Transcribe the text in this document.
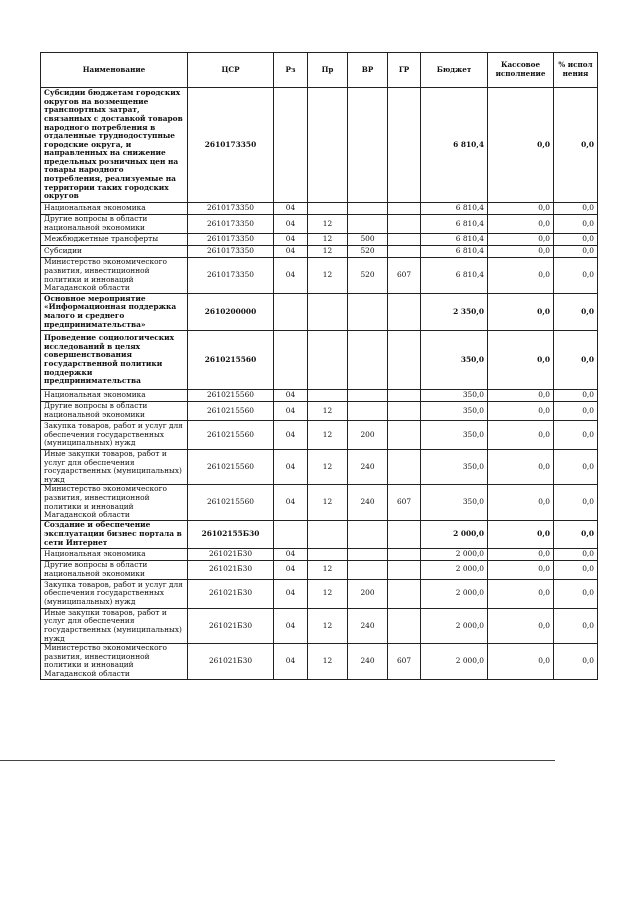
Наименование	ЦСР	Рз	Пр	ВР	ГР	Бюджет	Кассовое исполнение	% испол нения
Субсидии бюджетам городских округов на возмещение транспортных затрат, связанных с доставкой товаров народного потребления в отдаленные труднодоступные городские округа, и направленных на снижение предельных розничных цен на товары народного потребления, реализуемые на территории таких городских округов	2610173350					6 810,4	0,0	0,0
Национальная экономика	2610173350	04				6 810,4	0,0	0,0
Другие вопросы в области национальной экономики	2610173350	04	12			6 810,4	0,0	0,0
Межбюджетные трансферты	2610173350	04	12	500		6 810,4	0,0	0,0
Субсидии	2610173350	04	12	520		6 810,4	0,0	0,0
Министерство экономического развития, инвестиционной политики и инноваций Магаданской области	2610173350	04	12	520	607	6 810,4	0,0	0,0
Основное мероприятие «Информационная поддержка малого и среднего предпринимательства»	2610200000					2 350,0	0,0	0,0
Проведение социологических исследований в целях совершенствования государственной политики поддержки предпринимательства	2610215560					350,0	0,0	0,0
Национальная экономика	2610215560	04				350,0	0,0	0,0
Другие вопросы в области национальной экономики	2610215560	04	12			350,0	0,0	0,0
Закупка товаров, работ и услуг для обеспечения государственных (муниципальных) нужд	2610215560	04	12	200		350,0	0,0	0,0
Иные закупки товаров, работ и услуг для обеспечения государственных (муниципальных) нужд	2610215560	04	12	240		350,0	0,0	0,0
Министерство экономического развития, инвестиционной политики и инноваций Магаданской области	2610215560	04	12	240	607	350,0	0,0	0,0
Создание и обеспечение эксплуатации бизнес портала в сети Интернет	26102155Б30					2 000,0	0,0	0,0
Национальная экономика	261021Б30	04				2 000,0	0,0	0,0
Другие вопросы в области национальной экономики	261021Б30	04	12			2 000,0	0,0	0,0
Закупка товаров, работ и услуг для обеспечения государственных (муниципальных) нужд	261021Б30	04	12	200		2 000,0	0,0	0,0
Иные закупки товаров, работ и услуг для обеспечения государственных (муниципальных) нужд	261021Б30	04	12	240		2 000,0	0,0	0,0
Министерство экономического развития, инвестиционной политики и инноваций Магаданской области	261021Б30	04	12	240	607	2 000,0	0,0	0,0
